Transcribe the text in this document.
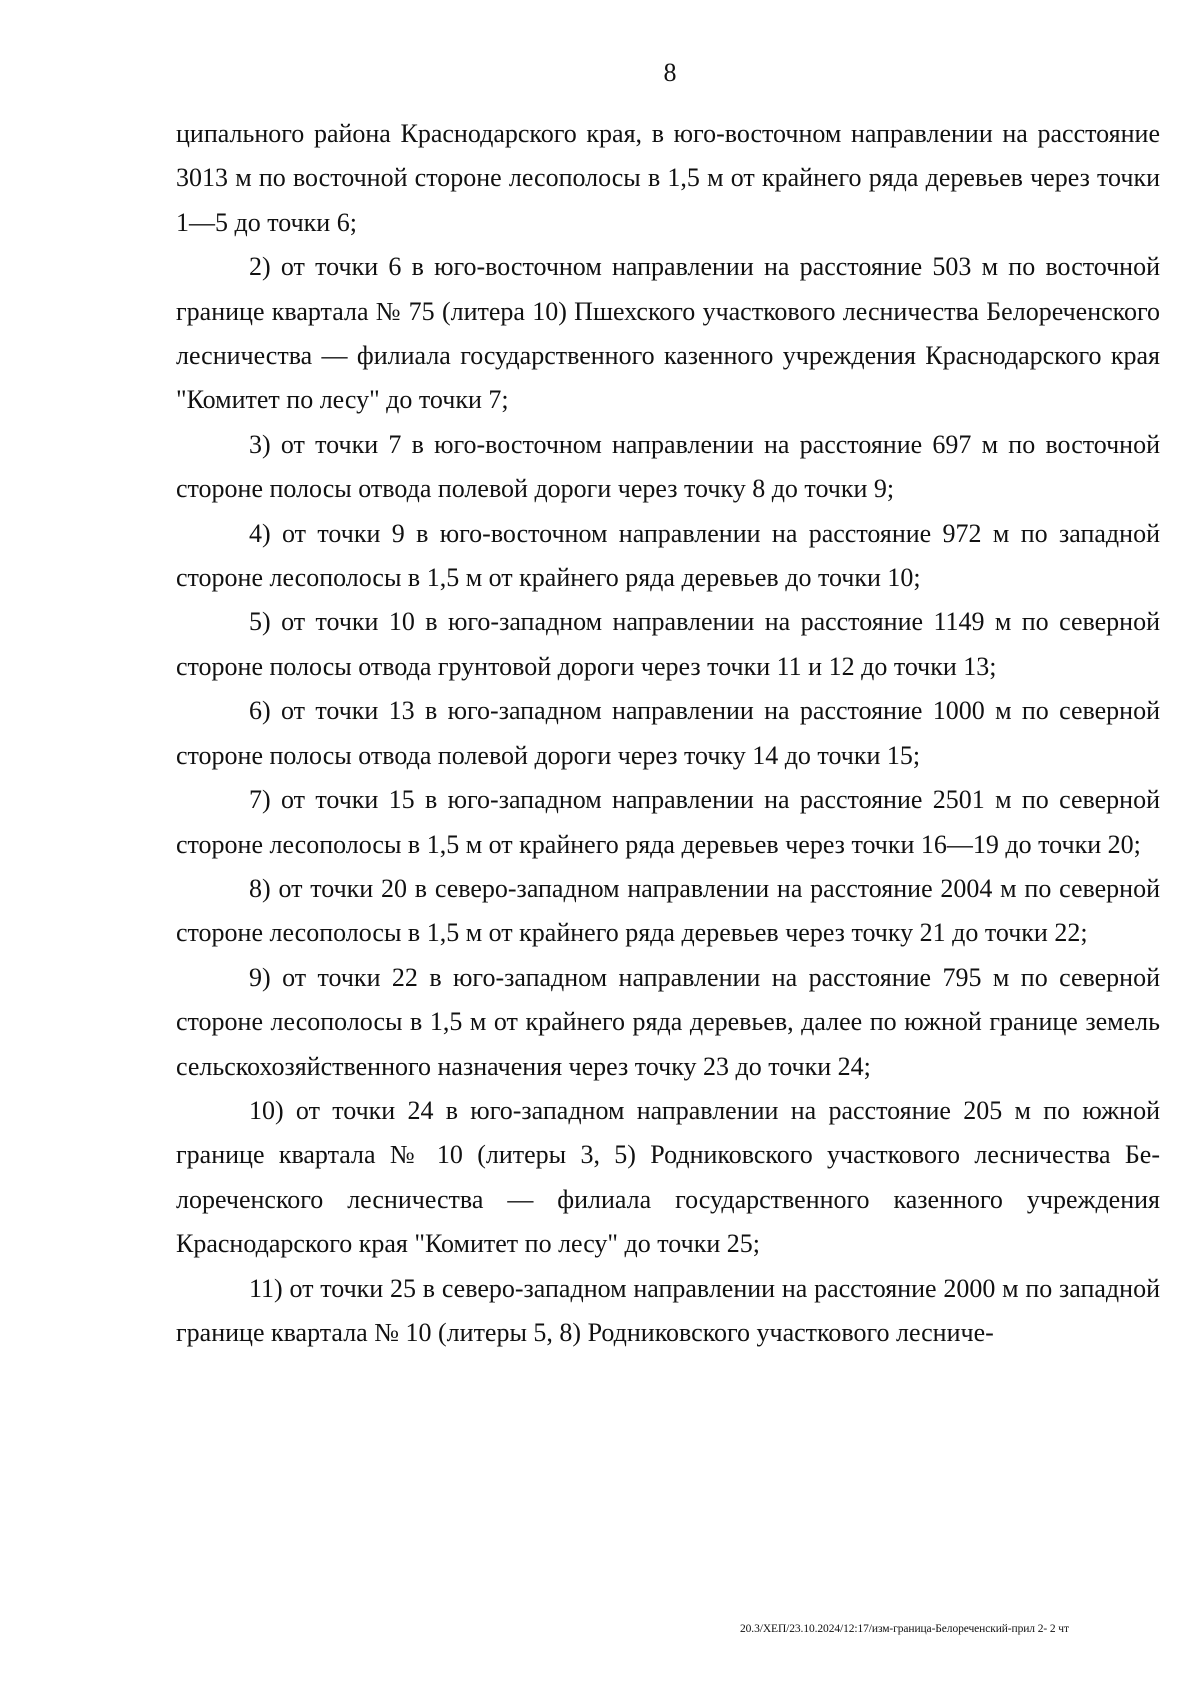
8

ципального района Краснодарского края, в юго-восточном направлении на расстояние 3013 м по восточной стороне лесополосы в 1,5 м от крайнего ряда деревьев через точки 1—5 до точки 6;

2) от точки 6 в юго-восточном направлении на расстояние 503 м по восточной границе квартала № 75 (литера 10) Пшехского участкового лесничества Белореченского лесничества — филиала государственного казенного учреждения Краснодарского края "Комитет по лесу" до точки 7;

3) от точки 7 в юго-восточном направлении на расстояние 697 м по восточной стороне полосы отвода полевой дороги через точку 8 до точки 9;

4) от точки 9 в юго-восточном направлении на расстояние 972 м по западной стороне лесополосы в 1,5 м от крайнего ряда деревьев до точки 10;

5) от точки 10 в юго-западном направлении на расстояние 1149 м по северной стороне полосы отвода грунтовой дороги через точки 11 и 12 до точки 13;

6) от точки 13 в юго-западном направлении на расстояние 1000 м по северной стороне полосы отвода полевой дороги через точку 14 до точки 15;

7) от точки 15 в юго-западном направлении на расстояние 2501 м по северной стороне лесополосы в 1,5 м от крайнего ряда деревьев через точки 16—19 до точки 20;

8) от точки 20 в северо-западном направлении на расстояние 2004 м по северной стороне лесополосы в 1,5 м от крайнего ряда деревьев через точку 21 до точки 22;

9) от точки 22 в юго-западном направлении на расстояние 795 м по северной стороне лесополосы в 1,5 м от крайнего ряда деревьев, далее по южной границе земель сельскохозяйственного назначения через точку 23 до точки 24;

10) от точки 24 в юго-западном направлении на расстояние 205 м по южной границе квартала № 10 (литеры 3, 5) Родниковского участкового лесничества Белореченского лесничества — филиала государственного казенного учреждения Краснодарского края "Комитет по лесу" до точки 25;

11) от точки 25 в северо-западном направлении на расстояние 2000 м по западной границе квартала № 10 (литеры 5, 8) Родниковского участкового лесниче-

20.3/ХЕП/23.10.2024/12:17/изм-граница-Белореченский-прил 2- 2 чт
